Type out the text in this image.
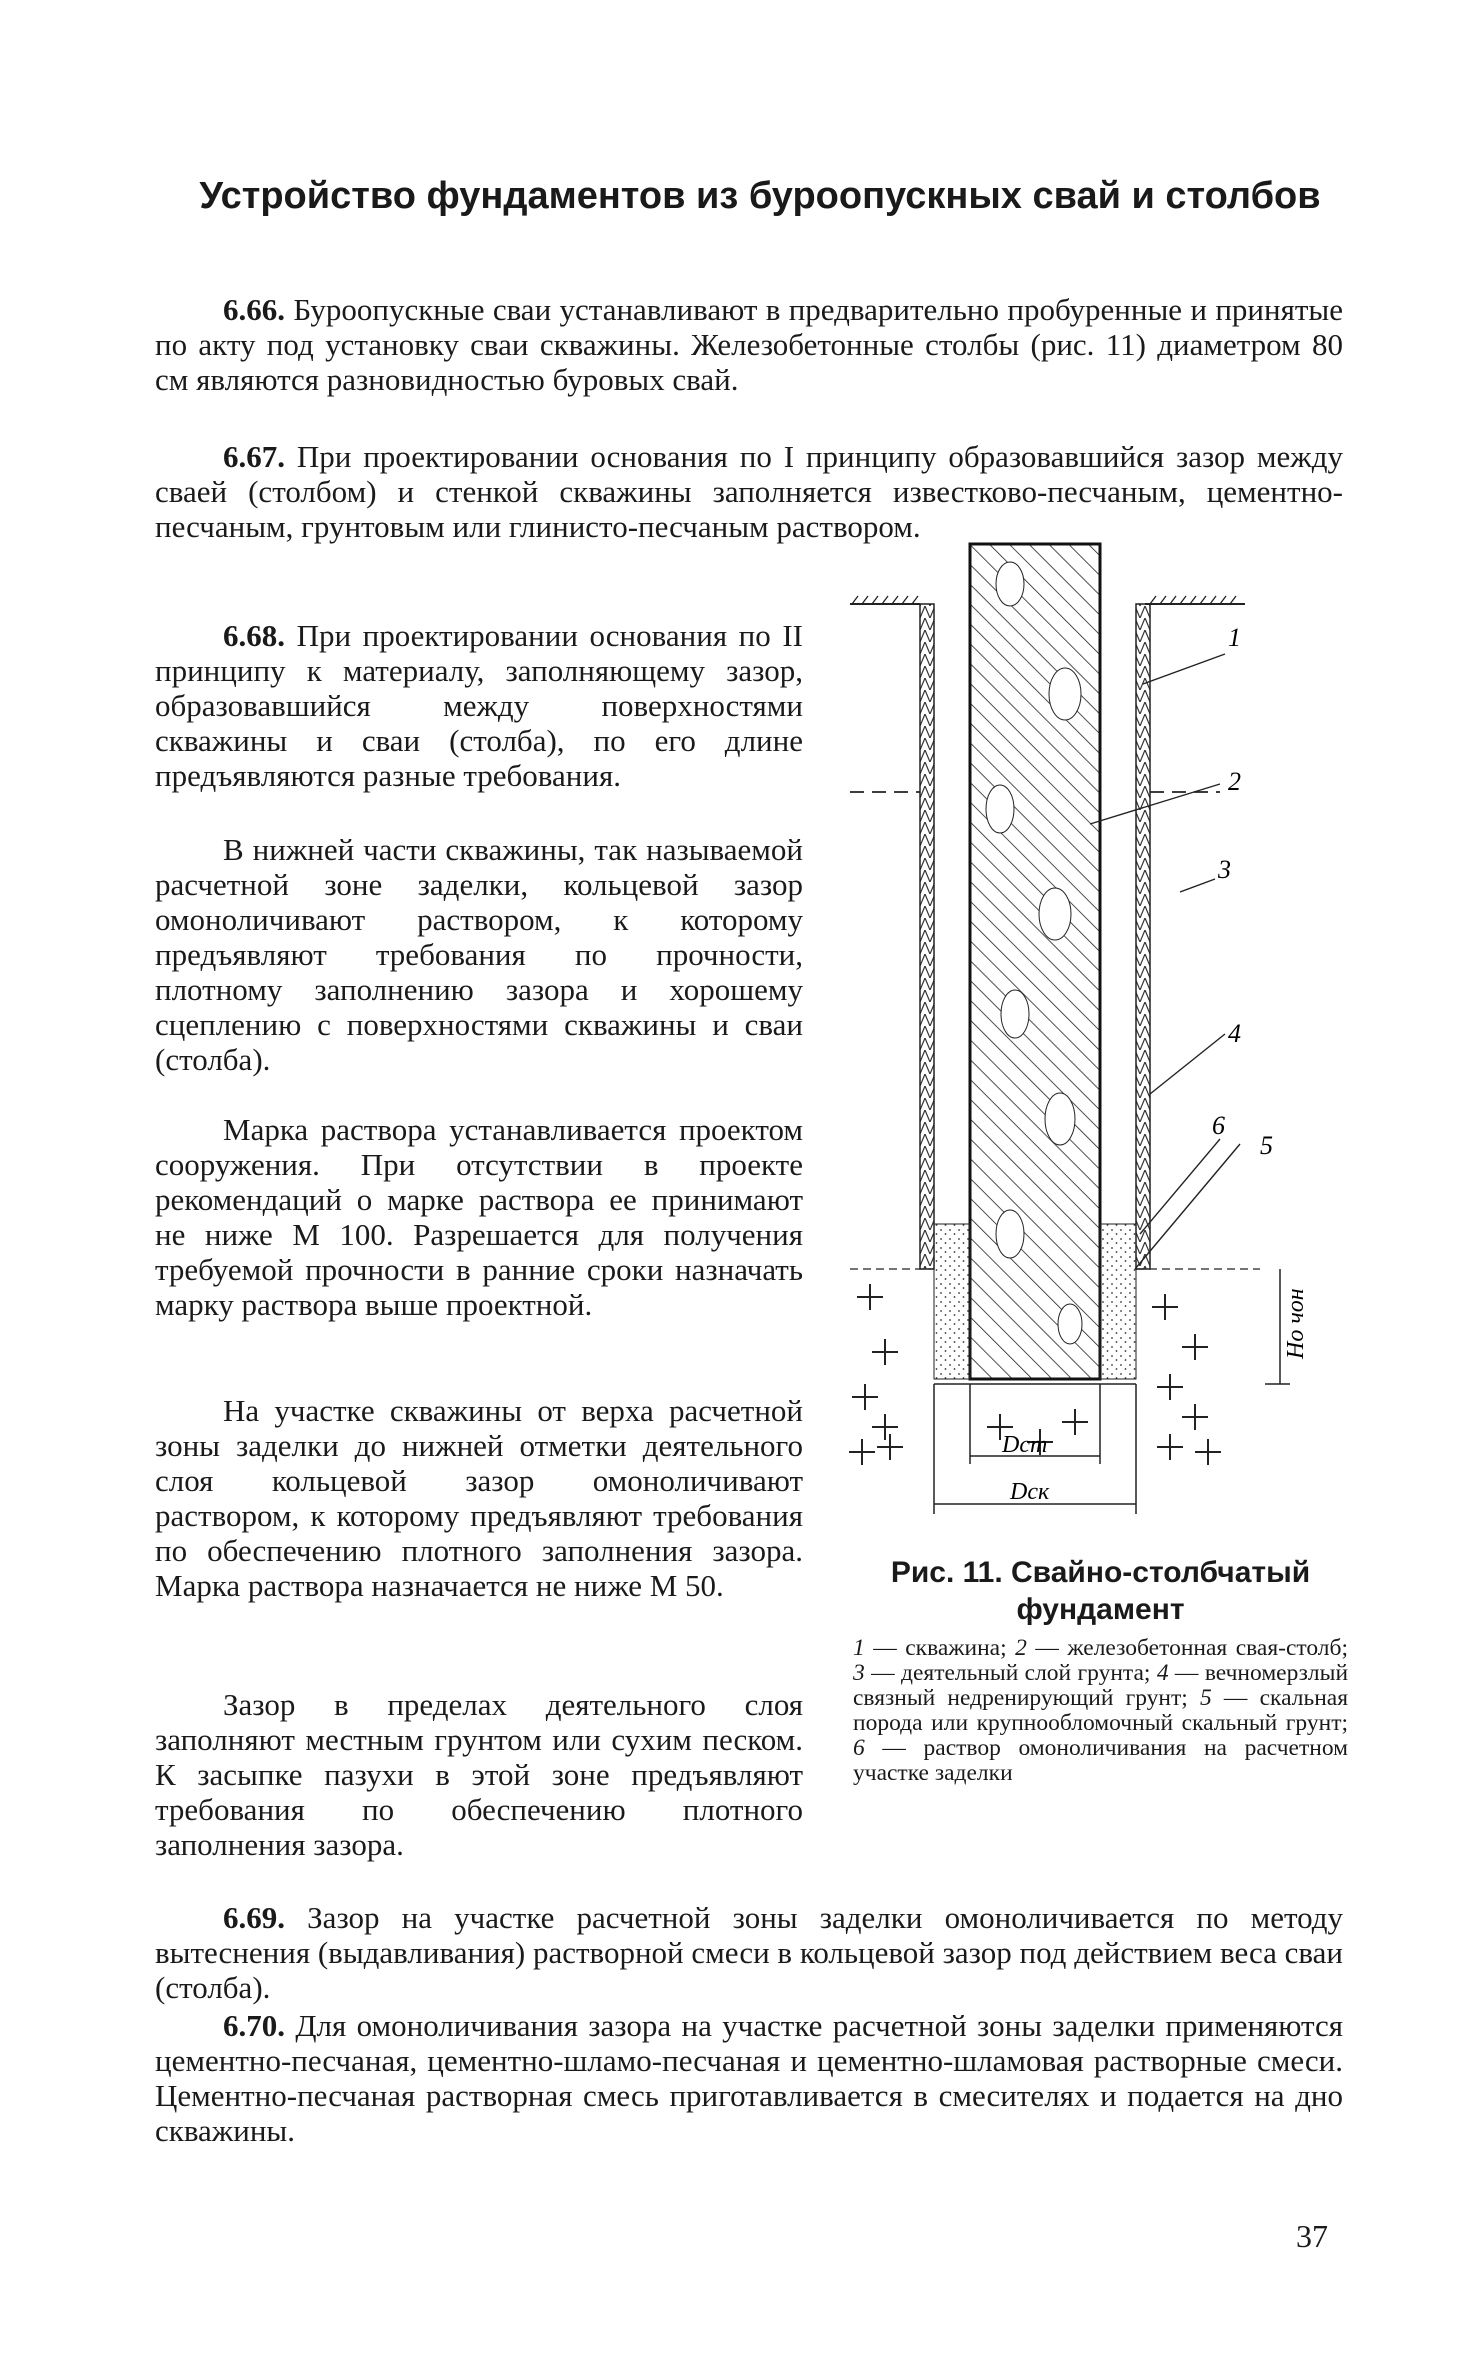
Устройство фундаментов из буроопускных свай и столбов

6.66. Буроопускные сваи устанавливают в предварительно пробуренные и принятые по акту под установку сваи скважины. Железобетонные столбы (рис. 11) диаметром 80 см являются разновидностью буровых свай.

6.67. При проектировании основания по I принципу образовавшийся зазор между сваей (столбом) и стенкой скважины заполняется известково-песчаным, цементно-песчаным, грунтовым или глинисто-песчаным раствором.

6.68. При проектировании основания по II принципу к материалу, заполняющему зазор, образовавшийся между поверхностями скважины и сваи (столба), по его длине предъявляются разные требования.

В нижней части скважины, так называемой расчетной зоне заделки, кольцевой зазор омоноличивают раствором, к которому предъявляют требования по прочности, плотному заполнению зазора и хорошему сцеплению с поверхностями скважины и сваи (столба).

Марка раствора устанавливается проектом сооружения. При отсутствии в проекте рекомендаций о марке раствора ее принимают не ниже М 100. Разрешается для получения требуемой прочности в ранние сроки назначать марку раствора выше проектной.

На участке скважины от верха расчетной зоны заделки до нижней отметки деятельного слоя кольцевой зазор омоноличивают раствором, к которому предъявляют требования по обеспечению плотного заполнения зазора. Марка раствора назначается не ниже М 50.

Зазор в пределах деятельного слоя заполняют местным грунтом или сухим песком. К засыпке пазухи в этой зоне предъявляют требования по обеспечению плотного заполнения зазора.

6.69. Зазор на участке расчетной зоны заделки омоноличивается по методу вытеснения (выдавливания) растворной смеси в кольцевой зазор под действием веса сваи (столба).

6.70. Для омоноличивания зазора на участке расчетной зоны заделки применяются цементно-песчаная, цементно-шламо-песчаная и цементно-шламовая растворные смеси. Цементно-песчаная растворная смесь приготавливается в смесителях и подается на дно скважины.

Dст
Dск
Hо чон
1
2
3
4
5
6
Рис. 11. Свайно-столбчатый фундамент
1 — скважина; 2 — железобетонная свая-столб; 3 — деятельный слой грунта; 4 — вечномерзлый связный недренирующий грунт; 5 — скальная порода или крупнообломочный скальный грунт; 6 — раствор омоноличивания на расчетном участке заделки
37
